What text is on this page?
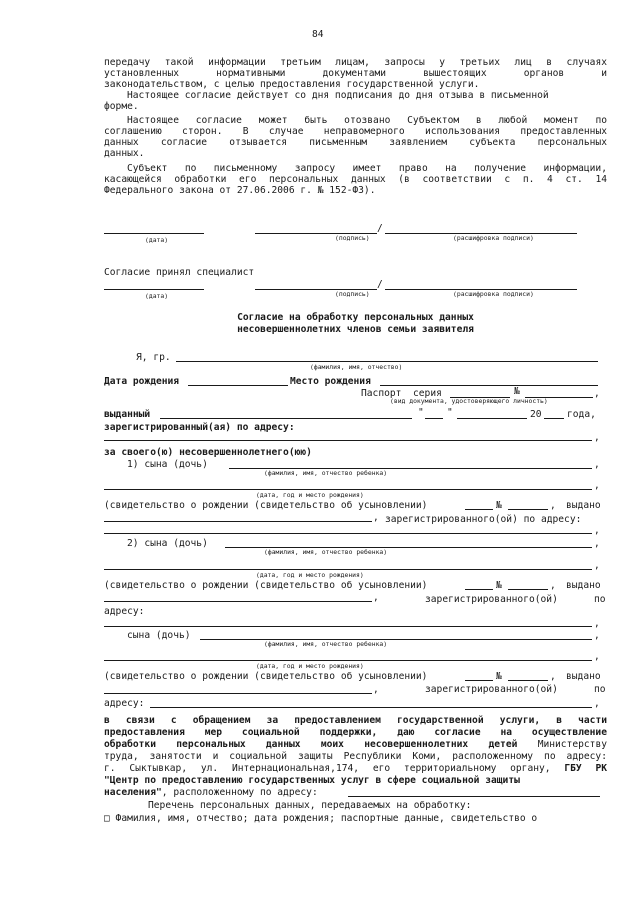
84
передачу такой информации третьим лицам, запросы у третьих лиц в случаях
установленных нормативными документами вышестоящих органов и
законодательством, с целью предоставления государственной услуги.
Настоящее согласие действует со дня подписания до дня отзыва в письменной
форме.
Настоящее согласие может быть отозвано Субъектом в любой момент по
соглашению сторон. В случае неправомерного использования предоставленных
данных согласие отзывается письменным заявлением субъекта персональных
данных.
Субъект по письменному запросу имеет право на получение информации,
касающейся обработки его персональных данных (в соответствии с п. 4 ст. 14
Федерального закона от 27.06.2006 г. № 152-ФЗ).
/
(дата)	(подпись)	(расшифровка подписи)
Согласие принял специалист
/
(дата)	(подпись)	(расшифровка подписи)
Согласие на обработку персональных данных
несовершеннолетних членов семьи заявителя
Я, гр.
(фамилия, имя, отчество)
Дата рождения	Место рождения
Паспорт серия	№	,
(вид документа, удостоверяющего личность)
выданный	" "	20	года,
зарегистрированный(ая) по адресу:
,
за своего(ю) несовершеннолетнего(юю)
1) сына (дочь)	,
(фамилия, имя, отчество ребенка)
,
(дата, год и место рождения)
(свидетельство о рождении (свидетельство об усыновлении)	№	, выдано
, зарегистрированного(ой) по адресу:
,
2) сына (дочь)	,
(фамилия, имя, отчество ребенка)
,
(дата, год и место рождения)
(свидетельство о рождении (свидетельство об усыновлении)	№	, выдано
,	зарегистрированного(ой)	по
адресу:
,
сына (дочь)	,
(фамилия, имя, отчество ребенка)
,
(дата, год и место рождения)
(свидетельство о рождении (свидетельство об усыновлении)	№	, выдано
,	зарегистрированного(ой)	по
адресу:	,
в связи с обращением за предоставлением государственной услуги, в части
предоставления мер социальной поддержки, даю согласие на осуществление
обработки персональных данных моих несовершеннолетних детей Министерству
труда, занятости и социальной защиты Республики Коми, расположенному по адресу:
г. Сыктывкар, ул. Интернациональная,174, его территориальному органу, ГБУ РК
"Центр по предоставлению государственных услуг в сфере социальной защиты
населения", расположенному по адресу:
Перечень персональных данных, передаваемых на обработку:
□ Фамилия, имя, отчество; дата рождения; паспортные данные, свидетельство о
